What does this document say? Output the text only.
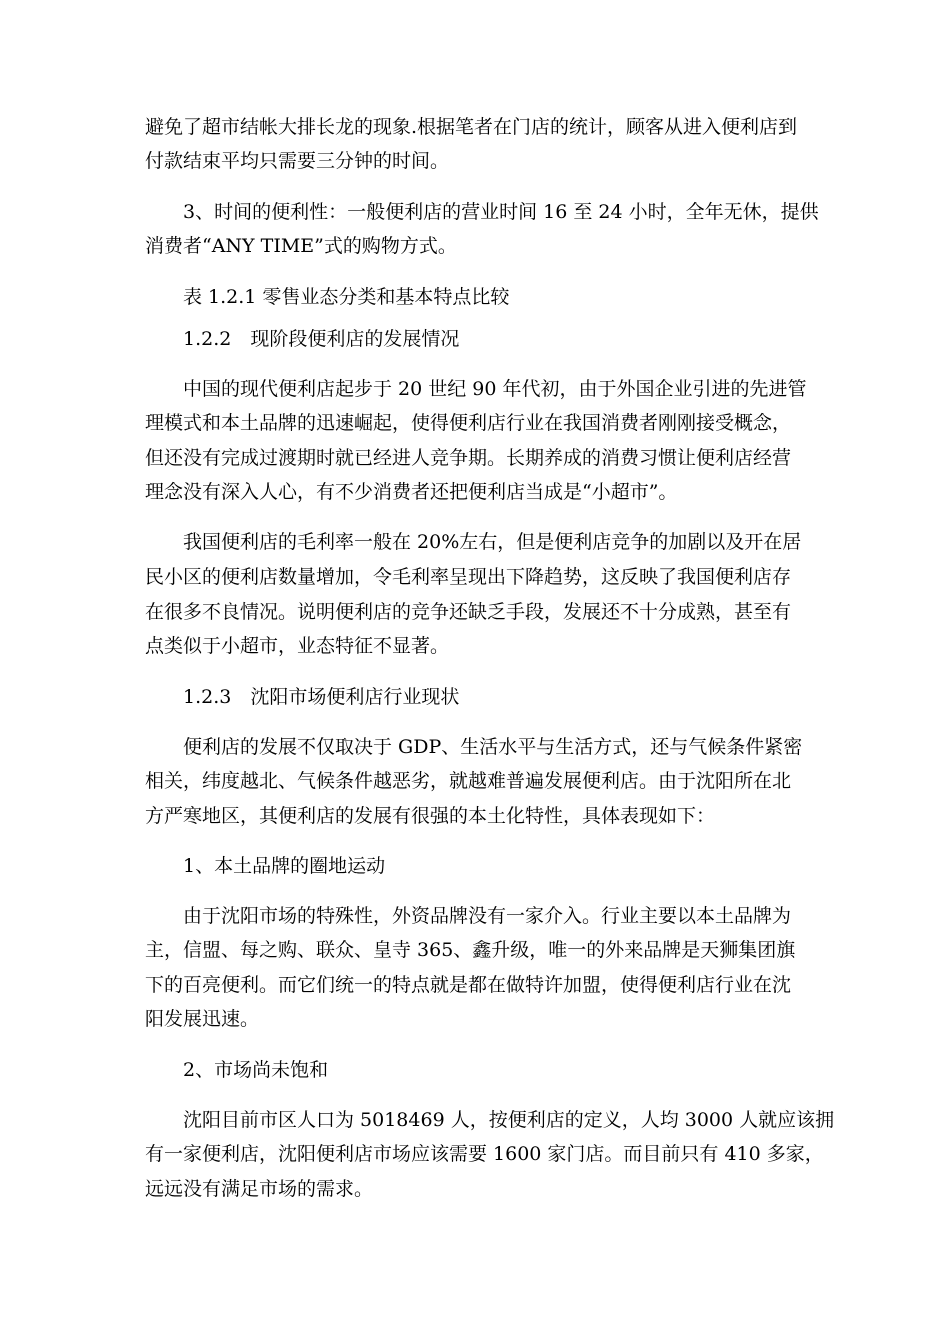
避免了超市结帐大排长龙的现象.根据笔者在门店的统计，顾客从进入便利店到
付款结束平均只需要三分钟的时间。
3、时间的便利性：一般便利店的营业时间 16 至 24 小时，全年无休，提供
消费者“ANY TIME”式的购物方式。
表 1.2.1 零售业态分类和基本特点比较
1.2.2　现阶段便利店的发展情况
中国的现代便利店起步于 20 世纪 90 年代初，由于外国企业引进的先进管
理模式和本土品牌的迅速崛起，使得便利店行业在我国消费者刚刚接受概念，
但还没有完成过渡期时就已经进人竞争期。长期养成的消费习惯让便利店经营
理念没有深入人心，有不少消费者还把便利店当成是“小超市”。
我国便利店的毛利率一般在 20%左右，但是便利店竞争的加剧以及开在居
民小区的便利店数量增加，令毛利率呈现出下降趋势，这反映了我国便利店存
在很多不良情况。说明便利店的竞争还缺乏手段，发展还不十分成熟，甚至有
点类似于小超市，业态特征不显著。
1.2.3　沈阳市场便利店行业现状
便利店的发展不仅取决于 GDP、生活水平与生活方式，还与气候条件紧密
相关，纬度越北、气候条件越恶劣，就越难普遍发展便利店。由于沈阳所在北
方严寒地区，其便利店的发展有很强的本土化特性，具体表现如下：
1、本土品牌的圈地运动
由于沈阳市场的特殊性，外资品牌没有一家介入。行业主要以本土品牌为
主，信盟、每之购、联众、皇寺 365、鑫升级，唯一的外来品牌是天狮集团旗
下的百亮便利。而它们统一的特点就是都在做特许加盟，使得便利店行业在沈
阳发展迅速。
2、市场尚未饱和
沈阳目前市区人口为 5018469 人，按便利店的定义，人均 3000 人就应该拥
有一家便利店，沈阳便利店市场应该需要 1600 家门店。而目前只有 410 多家，
远远没有满足市场的需求。
